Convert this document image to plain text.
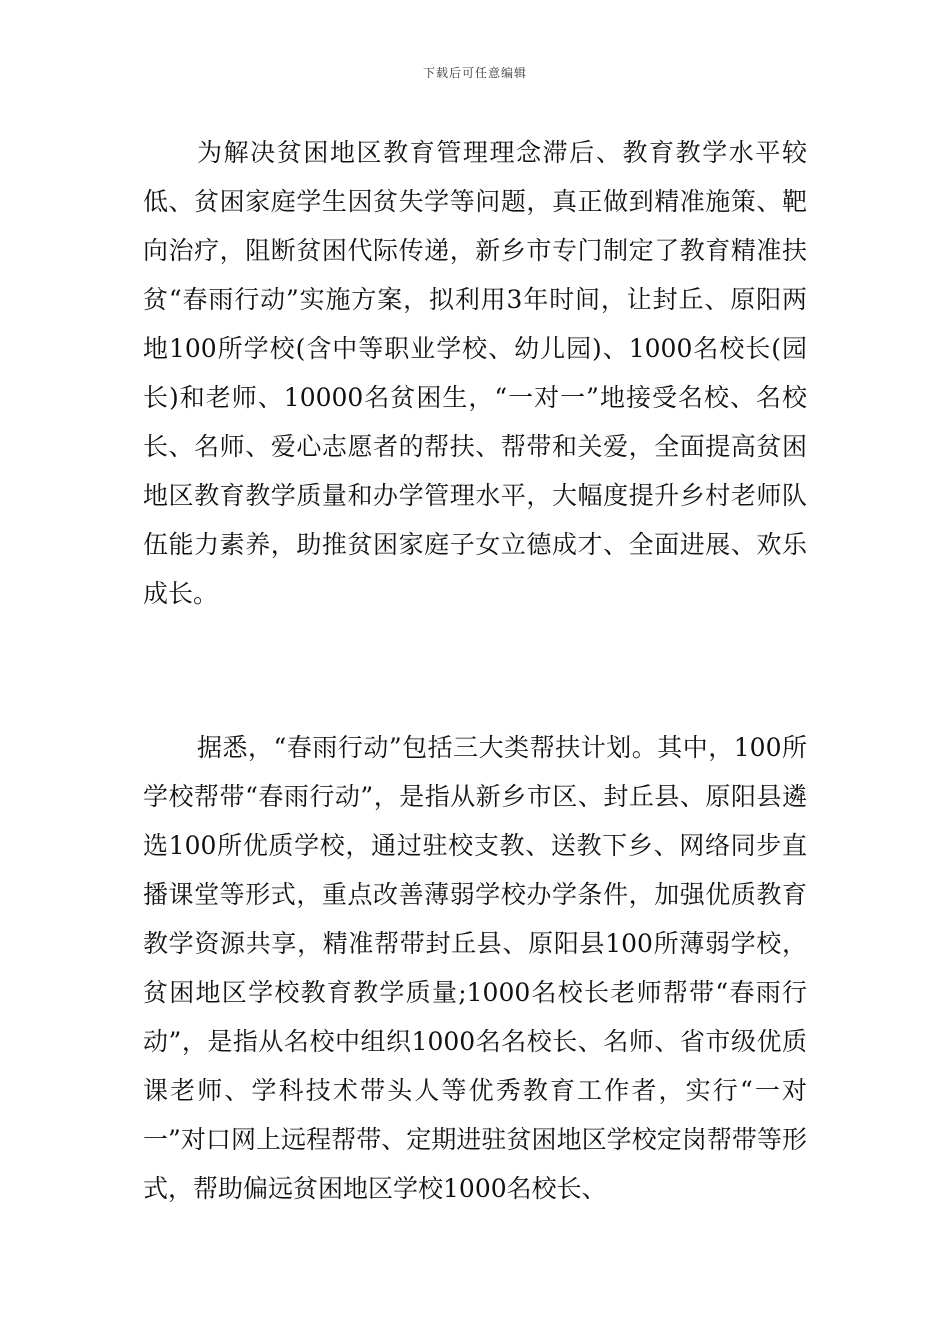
下载后可任意编辑

为解决贫困地区教育管理理念滞后、教育教学水平较低、贫困家庭学生因贫失学等问题，真正做到精准施策、靶向治疗，阻断贫困代际传递，新乡市专门制定了教育精准扶贫“春雨行动”实施方案，拟利用3年时间，让封丘、原阳两地100所学校(含中等职业学校、幼儿园)、1000名校长(园长)和老师、10000名贫困生，“一对一”地接受名校、名校长、名师、爱心志愿者的帮扶、帮带和关爱，全面提高贫困地区教育教学质量和办学管理水平，大幅度提升乡村老师队伍能力素养，助推贫困家庭子女立德成才、全面进展、欢乐成长。

据悉，“春雨行动”包括三大类帮扶计划。其中，100所学校帮带“春雨行动”，是指从新乡市区、封丘县、原阳县遴选100所优质学校，通过驻校支教、送教下乡、网络同步直播课堂等形式，重点改善薄弱学校办学条件，加强优质教育教学资源共享，精准帮带封丘县、原阳县100所薄弱学校，贫困地区学校教育教学质量;1000名校长老师帮带“春雨行动”，是指从名校中组织1000名名校长、名师、省市级优质课老师、学科技术带头人等优秀教育工作者，实行“一对一”对口网上远程帮带、定期进驻贫困地区学校定岗帮带等形式，帮助偏远贫困地区学校1000名校长、
